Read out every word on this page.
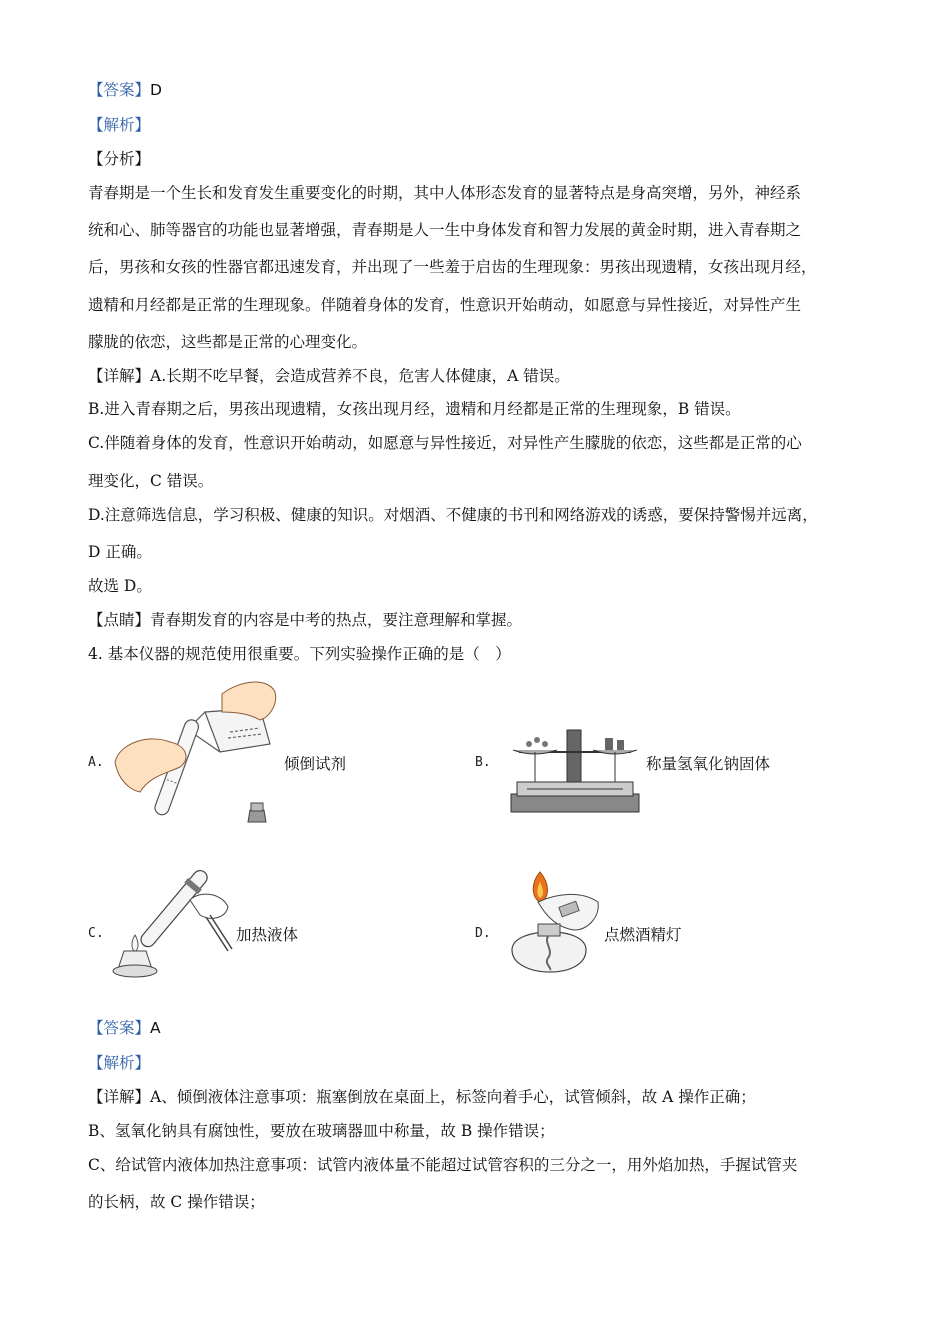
【答案】D
【解析】
【分析】
青春期是一个生长和发育发生重要变化的时期，其中人体形态发育的显著特点是身高突增，另外，神经系
统和心、肺等器官的功能也显著增强，青春期是人一生中身体发育和智力发展的黄金时期，进入青春期之
后，男孩和女孩的性器官都迅速发育，并出现了一些羞于启齿的生理现象：男孩出现遗精，女孩出现月经，
遗精和月经都是正常的生理现象。伴随着身体的发育，性意识开始萌动，如愿意与异性接近，对异性产生
朦胧的依恋，这些都是正常的心理变化。
【详解】A.长期不吃早餐，会造成营养不良，危害人体健康，A 错误。
B.进入青春期之后，男孩出现遗精，女孩出现月经，遗精和月经都是正常的生理现象，B 错误。
C.伴随着身体的发育，性意识开始萌动，如愿意与异性接近，对异性产生朦胧的依恋，这些都是正常的心
理变化，C 错误。
D.注意筛选信息，学习积极、健康的知识。对烟酒、不健康的书刊和网络游戏的诱惑，要保持警惕并远离，
D 正确。
故选 D。
【点睛】青春期发育的内容是中考的热点，要注意理解和掌握。
4. 基本仪器的规范使用很重要。下列实验操作正确的是（　）
A.	倾倒试剂	B.	称量氢氧化钠固体
C.	加热液体	D.	点燃酒精灯
【答案】A
【解析】
【详解】A、倾倒液体注意事项：瓶塞倒放在桌面上，标签向着手心，试管倾斜，故 A 操作正确；
B、氢氧化钠具有腐蚀性，要放在玻璃器皿中称量，故 B 操作错误；
C、给试管内液体加热注意事项：试管内液体量不能超过试管容积的三分之一，用外焰加热，手握试管夹
的长柄，故 C 操作错误；
